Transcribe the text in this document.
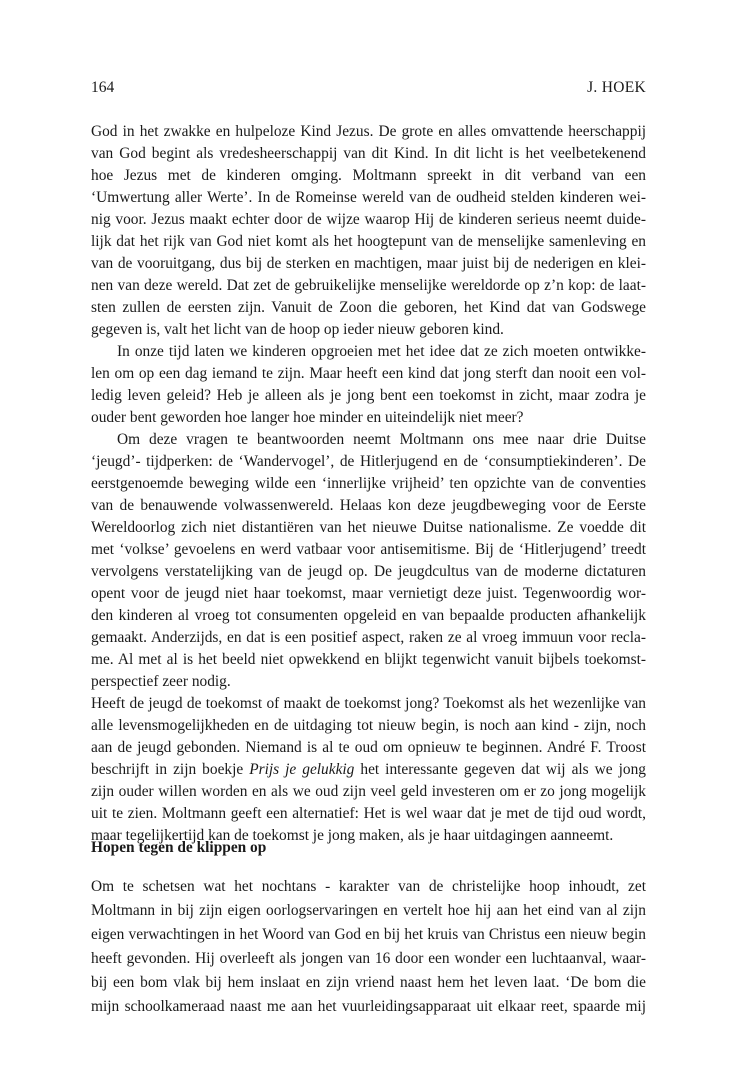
164	J. HOEK
God in het zwakke en hulpeloze Kind Jezus. De grote en alles omvattende heerschappij
van God begint als vredesheerschappij van dit Kind. In dit licht is het veelbetekenend
hoe Jezus met de kinderen omging. Moltmann spreekt in dit verband van een
‘Umwertung aller Werte’. In de Romeinse wereld van de oudheid stelden kinderen wei-
nig voor. Jezus maakt echter door de wijze waarop Hij de kinderen serieus neemt duide-
lijk dat het rijk van God niet komt als het hoogtepunt van de menselijke samenleving en
van de vooruitgang, dus bij de sterken en machtigen, maar juist bij de nederigen en klei-
nen van deze wereld. Dat zet de gebruikelijke menselijke wereldorde op z’n kop: de laat-
sten zullen de eersten zijn. Vanuit de Zoon die geboren, het Kind dat van Godswege
gegeven is, valt het licht van de hoop op ieder nieuw geboren kind.
In onze tijd laten we kinderen opgroeien met het idee dat ze zich moeten ontwikke-
len om op een dag iemand te zijn. Maar heeft een kind dat jong sterft dan nooit een vol-
ledig leven geleid? Heb je alleen als je jong bent een toekomst in zicht, maar zodra je
ouder bent geworden hoe langer hoe minder en uiteindelijk niet meer?
Om deze vragen te beantwoorden neemt Moltmann ons mee naar drie Duitse
‘jeugd’- tijdperken: de ‘Wandervogel’, de Hitlerjugend en de ‘consumptiekinderen’. De
eerstgenoemde beweging wilde een ‘innerlijke vrijheid’ ten opzichte van de conventies
van de benauwende volwassenwereld. Helaas kon deze jeugdbeweging voor de Eerste
Wereldoorlog zich niet distantiëren van het nieuwe Duitse nationalisme. Ze voedde dit
met ‘volkse’ gevoelens en werd vatbaar voor antisemitisme. Bij de ‘Hitlerjugend’ treedt
vervolgens verstatelijking van de jeugd op. De jeugdcultus van de moderne dictaturen
opent voor de jeugd niet haar toekomst, maar vernietigt deze juist. Tegenwoordig wor-
den kinderen al vroeg tot consumenten opgeleid en van bepaalde producten afhankelijk
gemaakt. Anderzijds, en dat is een positief aspect, raken ze al vroeg immuun voor recla-
me. Al met al is het beeld niet opwekkend en blijkt tegenwicht vanuit bijbels toekomst-
perspectief zeer nodig.
Heeft de jeugd de toekomst of maakt de toekomst jong? Toekomst als het wezenlijke van
alle levensmogelijkheden en de uitdaging tot nieuw begin, is noch aan kind - zijn, noch
aan de jeugd gebonden. Niemand is al te oud om opnieuw te beginnen. André F. Troost
beschrijft in zijn boekje Prijs je gelukkig het interessante gegeven dat wij als we jong
zijn ouder willen worden en als we oud zijn veel geld investeren om er zo jong mogelijk
uit te zien. Moltmann geeft een alternatief: Het is wel waar dat je met de tijd oud wordt,
maar tegelijkertijd kan de toekomst je jong maken, als je haar uitdagingen aanneemt.
Om te schetsen wat het nochtans - karakter van de christelijke hoop inhoudt, zet
Moltmann in bij zijn eigen oorlogservaringen en vertelt hoe hij aan het eind van al zijn
eigen verwachtingen in het Woord van God en bij het kruis van Christus een nieuw begin
heeft gevonden. Hij overleeft als jongen van 16 door een wonder een luchtaanval, waar-
bij een bom vlak bij hem inslaat en zijn vriend naast hem het leven laat. ‘De bom die
mijn schoolkameraad naast me aan het vuurleidingsapparaat uit elkaar reet, spaarde mij
Hopen tegen de klippen op
